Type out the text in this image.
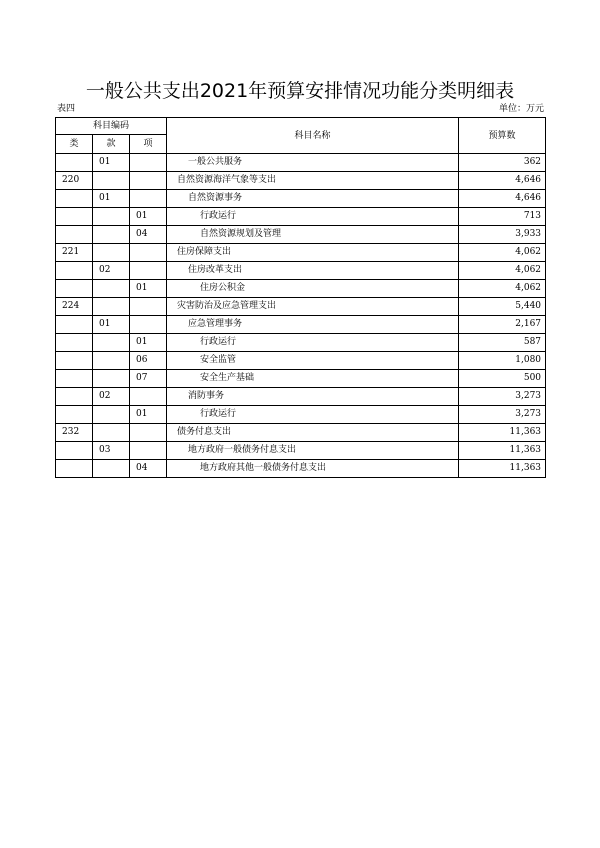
一般公共支出2021年预算安排情况功能分类明细表
表四	单位：万元
科目编码			科目名称	预算数
类	款	项		
	01		一般公共服务	362
220			自然资源海洋气象等支出	4,646
	01		自然资源事务	4,646
		01	行政运行	713
		04	自然资源规划及管理	3,933
221			住房保障支出	4,062
	02		住房改革支出	4,062
		01	住房公积金	4,062
224			灾害防治及应急管理支出	5,440
	01		应急管理事务	2,167
		01	行政运行	587
		06	安全监管	1,080
		07	安全生产基础	500
	02		消防事务	3,273
		01	行政运行	3,273
232			债务付息支出	11,363
	03		地方政府一般债务付息支出	11,363
		04	地方政府其他一般债务付息支出	11,363
